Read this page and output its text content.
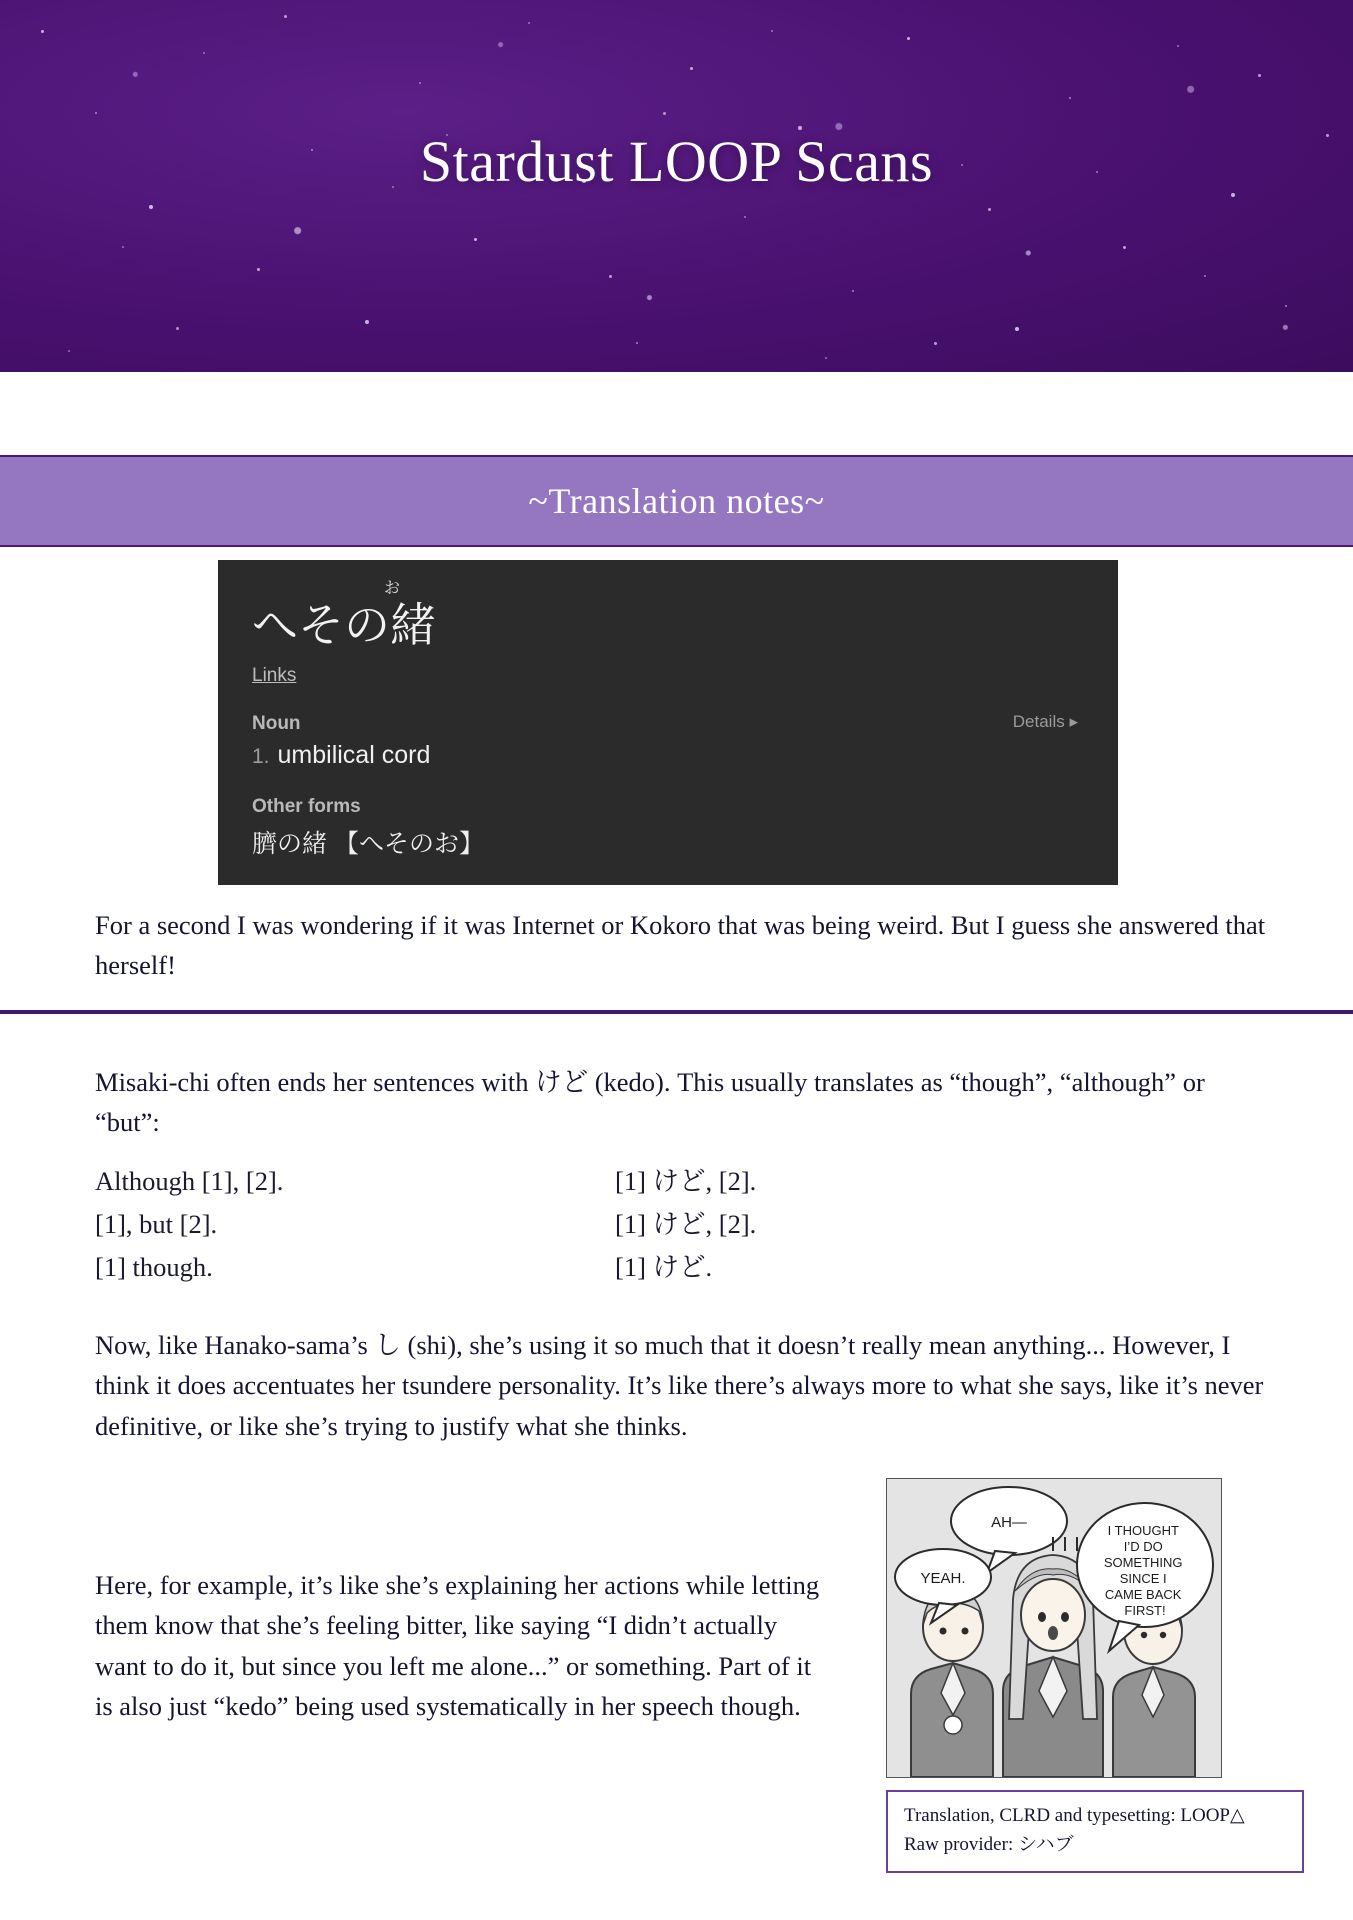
Stardust LOOP Scans
~Translation notes~
お
へその緒
Links
Details ▸
Noun
1. umbilical cord
Other forms
臍の緒 【へそのお】
For a second I was wondering if it was Internet or Kokoro that was being weird. But I guess she answered that herself!
Misaki-chi often ends her sentences with けど (kedo). This usually translates as “though”, “although” or “but”:
Although [1], [2].	[1] けど, [2].
[1], but [2].	[1] けど, [2].
[1] though.	[1] けど.
Now, like Hanako-sama’s し (shi), she’s using it so much that it doesn’t really mean anything... However, I think it does accentuates her tsundere personality. It’s like there’s always more to what she says, like it’s never definitive, or like she’s trying to justify what she thinks.
Here, for example, it’s like she’s explaining her actions while letting them know that she’s feeling bitter, like saying “I didn’t actually want to do it, but since you left me alone...” or something. Part of it is also just “kedo” being used systematically in her speech though.
AH—
YEAH.
I THOUGHT I’D DO SOMETHING SINCE I CAME BACK FIRST!
Translation, CLRD and typesetting: LOOP△
Raw provider: シハブ
